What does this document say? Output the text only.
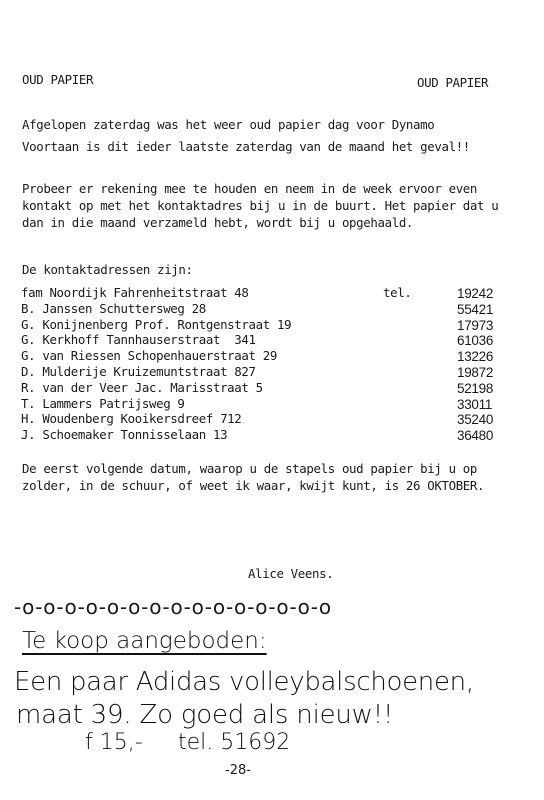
OUD PAPIER	OUD PAPIER
Afgelopen zaterdag was het weer oud papier dag voor Dynamo
Voortaan is dit ieder laatste zaterdag van de maand het geval!!
Probeer er rekening mee te houden en neem in de week ervoor even kontakt op met het kontaktadres bij u in de buurt. Het papier dat u dan in die maand verzameld hebt, wordt bij u opgehaald.
De kontaktadressen zijn:
fam Noordijk Fahrenheitstraat 48	tel.	19242
B. Janssen Schuttersweg 28	55421
G. Konijnenberg Prof. Rontgenstraat 19	17973
G. Kerkhoff Tannhauserstraat  341	61036
G. van Riessen Schopenhauerstraat 29	13226
D. Mulderije Kruizemuntstraat 827	19872
R. van der Veer Jac. Marisstraat 5	52198
T. Lammers Patrijsweg 9	33011
H. Woudenberg Kooikersdreef 712	35240
J. Schoemaker Tonnisselaan 13	36480
De eerst volgende datum, waarop u de stapels oud papier bij u op zolder, in de schuur, of weet ik waar, kwijt kunt, is 26 OKTOBER.
Alice Veens.
-o-o-o-o-o-o-o-o-o-o-o-o-o-o-o
Te koop aangeboden:
Een paar Adidas volleybalschoenen,
maat 39. Zo goed als nieuw!!
f 15,- tel. 51692
-28-
